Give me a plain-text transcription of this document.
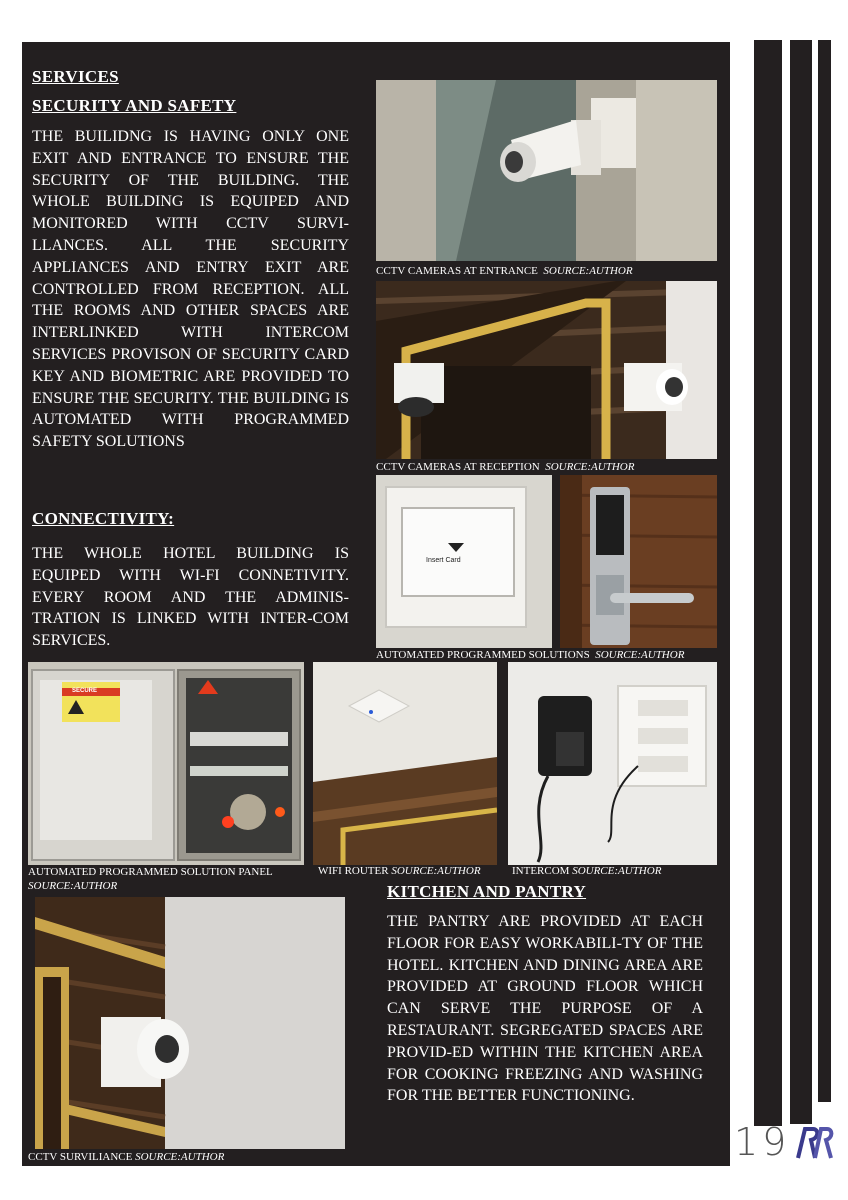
SERVICES
SECURITY AND SAFETY
THE BUILIDNG IS HAVING ONLY ONE EXIT AND ENTRANCE TO ENSURE THE SECURITY OF THE BUILDING. THE WHOLE BUILDING IS EQUIPED AND MONITORED WITH CCTV SURVI-LLANCES. ALL THE SECURITY APPLIANCES AND ENTRY EXIT ARE CONTROLLED FROM RECEPTION. ALL THE ROOMS AND OTHER SPACES ARE INTERLINKED WITH INTERCOM SERVICES PROVISON OF SECURITY CARD KEY AND BIOMETRIC ARE PROVIDED TO ENSURE THE SECURITY. THE BUILDING IS AUTOMATED WITH PROGRAMMED SAFETY SOLUTIONS
CONNECTIVITY:
THE WHOLE HOTEL BUILDING IS EQUIPED WITH WI-FI CONNETIVITY. EVERY ROOM AND THE ADMINIS-TRATION IS LINKED WITH INTER-COM SERVICES.
CCTV CAMERAS AT ENTRANCE SOURCE:AUTHOR
CCTV CAMERAS AT RECEPTION SOURCE:AUTHOR
Insert Card
AUTOMATED PROGRAMMED SOLUTIONS SOURCE:AUTHOR
SECURE
AUTOMATED PROGRAMMED SOLUTION PANEL
SOURCE:AUTHOR
WIFI ROUTER SOURCE:AUTHOR	INTERCOM SOURCE:AUTHOR
KITCHEN AND PANTRY
THE PANTRY ARE PROVIDED AT EACH FLOOR FOR EASY WORKABILI-TY OF THE HOTEL. KITCHEN AND DINING AREA ARE PROVIDED AT GROUND FLOOR WHICH CAN SERVE THE PURPOSE OF A RESTAURANT. SEGREGATED SPACES ARE PROVID-ED WITHIN THE KITCHEN AREA FOR COOKING FREEZING AND WASHING FOR THE BETTER FUNCTIONING.
CCTV SURVILIANCE SOURCE:AUTHOR	19
